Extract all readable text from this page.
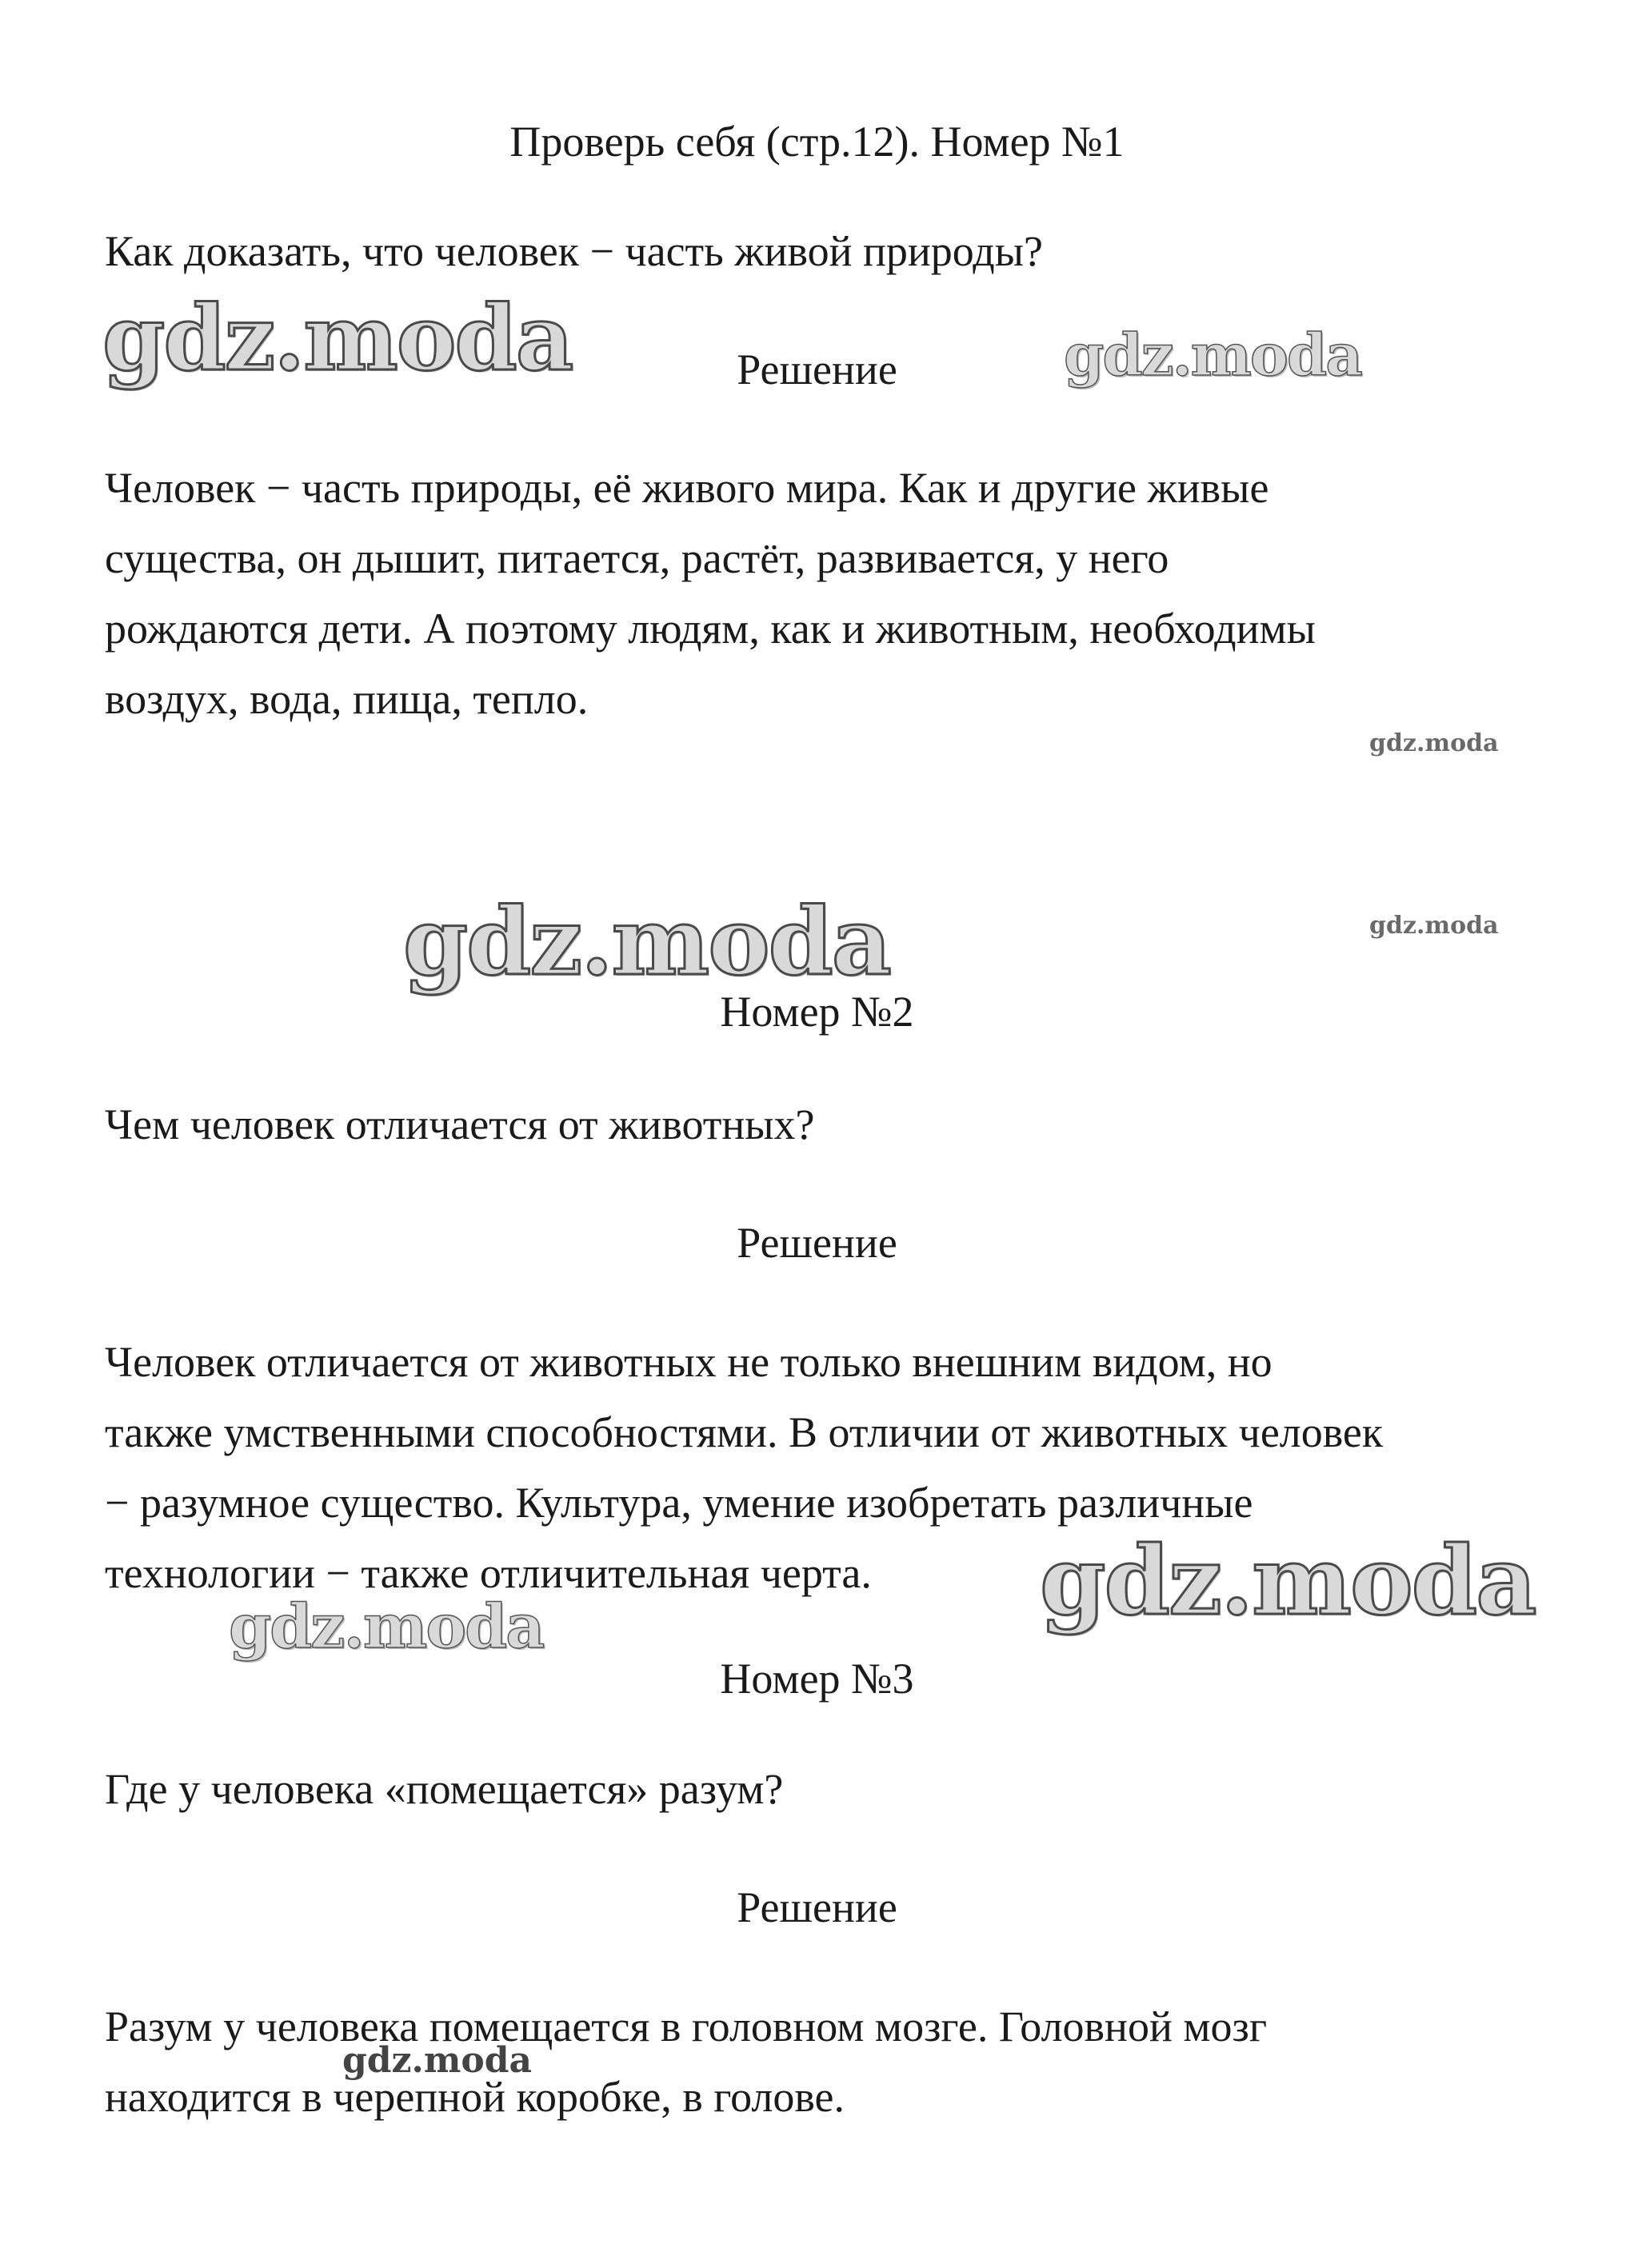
Проверь себя (стр.12). Номер №1

Как доказать, что человек − часть живой природы?

Решение

Человек − часть природы, её живого мира. Как и другие живые

существа, он дышит, питается, растёт, развивается, у него

рождаются дети. А поэтому людям, как и животным, необходимы

воздух, вода, пища, тепло.

Номер №2

Чем человек отличается от животных?

Решение

Человек отличается от животных не только внешним видом, но

также умственными способностями. В отличии от животных человек

− разумное существо. Культура, умение изобретать различные

технологии − также отличительная черта.

Номер №3

Где у человека «помещается» разум?

Решение

Разум у человека помещается в головном мозге. Головной мозг

находится в черепной коробке, в голове.

gdz.moda	gdz.moda
gdz.moda
gdz.moda	gdz.moda
gdz.moda
gdz.moda
gdz.moda
